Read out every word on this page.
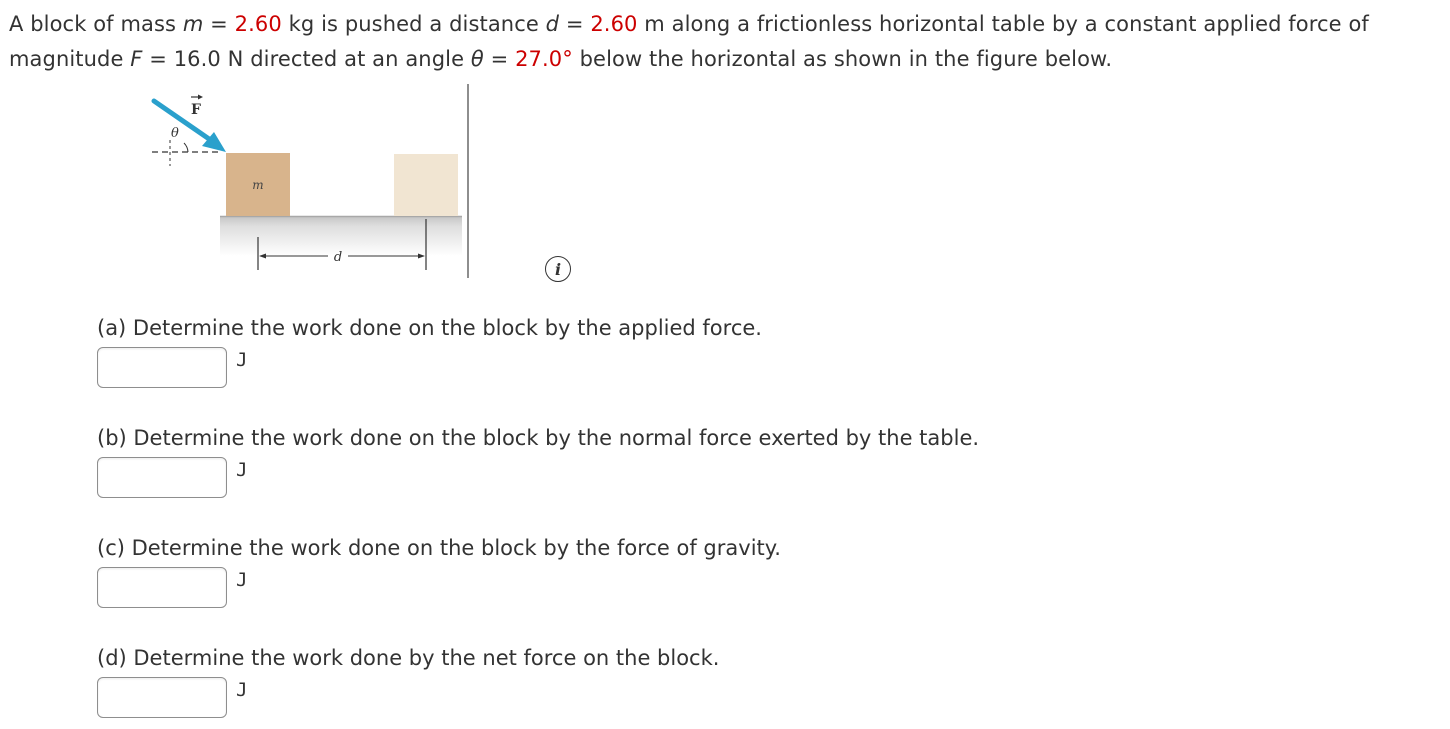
A block of mass m = 2.60 kg is pushed a distance d = 2.60 m along a frictionless horizontal table by a constant applied force of magnitude F = 16.0 N directed at an angle θ = 27.0° below the horizontal as shown in the figure below.
m
θ
F
d
i
(a) Determine the work done on the block by the applied force.
J
(b) Determine the work done on the block by the normal force exerted by the table.
J
(c) Determine the work done on the block by the force of gravity.
J
(d) Determine the work done by the net force on the block.
J
